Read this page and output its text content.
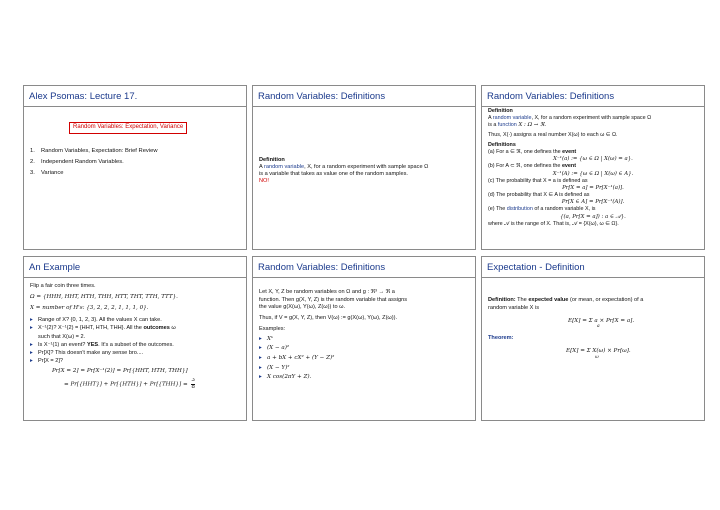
Alex Psomas: Lecture 17.
Random Variables: Expectation, Variance
1. Random Variables, Expectation: Brief Review
2. Independent Random Variables.
3. Variance
Random Variables: Definitions
Definition
A random variable, X, for a random experiment with sample space Ω
is a variable that takes as value one of the random samples.
NO!
Random Variables: Definitions
Definition
A random variable, X, for a random experiment with sample space Ω
is a function X : Ω → ℜ.
Thus, X(·) assigns a real number X(ω) to each ω ∈ Ω.
Definitions
(a) For a ∈ ℜ, one defines the event
X⁻¹(a) := {ω ∈ Ω | X(ω) = a}.
(b) For A ⊂ ℜ, one defines the event
X⁻¹(A) := {ω ∈ Ω | X(ω) ∈ A}.
(c) The probability that X = a is defined as
Pr[X = a] = Pr[X⁻¹(a)].
(d) The probability that X ∈ A is defined as
Pr[X ∈ A] = Pr[X⁻¹(A)].
(e) The distribution of a random variable X, is
{(a, Pr[X = a]) : a ∈ 𝒜}.
where 𝒜 is the range of X. That is, 𝒜 = {X(ω), ω ∈ Ω}.
An Example
Flip a fair coin three times.
Ω = {HHH, HHT, HTH, THH, HTT, THT, TTH, TTT}.
X = number of H's: {3, 2, 2, 2, 1, 1, 1, 0}.
▸ Range of X? {0, 1, 2, 3}. All the values X can take.
▸ X⁻¹(2)? X⁻¹(2) = {HHT, HTH, THH}. All the outcomes ω
such that X(ω) = 2.
▸ Is X⁻¹(1) an event? YES. It's a subset of the outcomes.
▸ Pr[X]? This doesn't make any sense bro....
▸ Pr[X = 2]?
Pr[X = 2] = Pr[X⁻¹(2)] = Pr[{HHT, HTH, THH}]
= $Pr[\{HHT\}] + Pr[\{HTH\}] + Pr[\{THH\}] = \frac{3}{8}$
Random Variables: Definitions
Let X, Y, Z be random variables on Ω and g : ℜ³ → ℜ a
function. Then g(X, Y, Z) is the random variable that assigns
the value g(X(ω), Y(ω), Z(ω)) to ω.
Thus, if V = g(X, Y, Z), then V(ω) := g(X(ω), Y(ω), Z(ω)).
Examples:
▸ Xᵏ
▸ (X − a)²
▸ a + bX + cX² + (Y − Z)²
▸ (X − Y)²
▸ X cos(2πY + Z).
Expectation - Definition
Definition: The expected value (or mean, or expectation) of a
random variable X is
E[X] = Σ a × Pr[X = a].
a
Theorem:
E[X] = Σ X(ω) × Pr[ω].
ω
